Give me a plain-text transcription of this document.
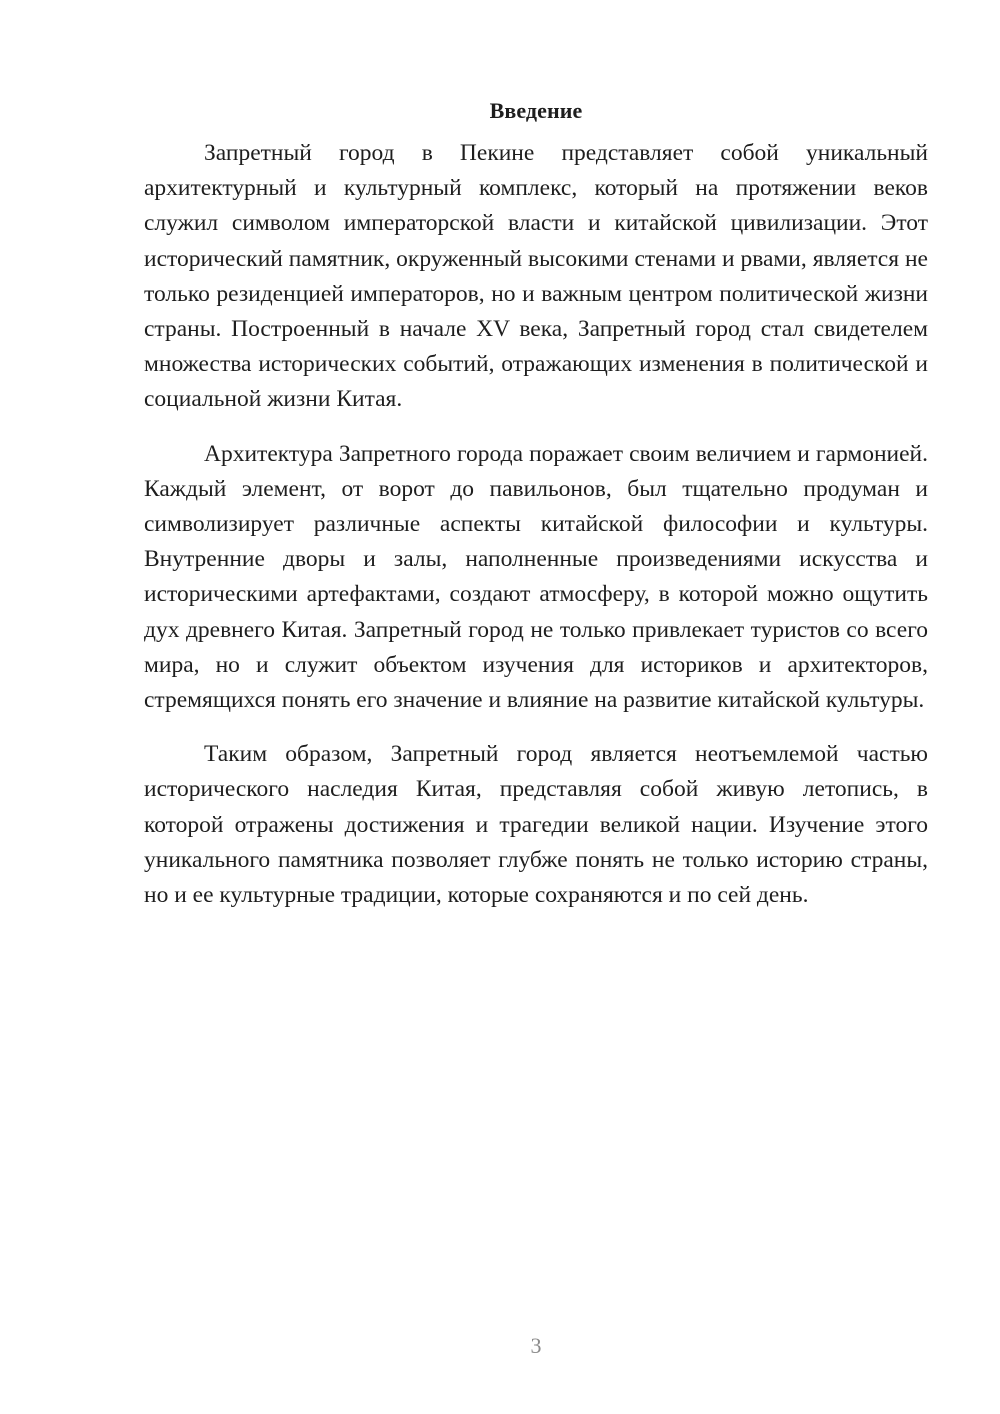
Введение

Запретный город в Пекине представляет собой уникальный архитектурный и культурный комплекс, который на протяжении веков служил символом императорской власти и китайской цивилизации. Этот исторический памятник, окруженный высокими стенами и рвами, является не только резиденцией императоров, но и важным центром политической жизни страны. Построенный в начале XV века, Запретный город стал свидетелем множества исторических событий, отражающих изменения в политической и социальной жизни Китая.

Архитектура Запретного города поражает своим величием и гармонией. Каждый элемент, от ворот до павильонов, был тщательно продуман и символизирует различные аспекты китайской философии и культуры. Внутренние дворы и залы, наполненные произведениями искусства и историческими артефактами, создают атмосферу, в которой можно ощутить дух древнего Китая. Запретный город не только привлекает туристов со всего мира, но и служит объектом изучения для историков и архитекторов, стремящихся понять его значение и влияние на развитие китайской культуры.

Таким образом, Запретный город является неотъемлемой частью исторического наследия Китая, представляя собой живую летопись, в которой отражены достижения и трагедии великой нации. Изучение этого уникального памятника позволяет глубже понять не только историю страны, но и ее культурные традиции, которые сохраняются и по сей день.

3
